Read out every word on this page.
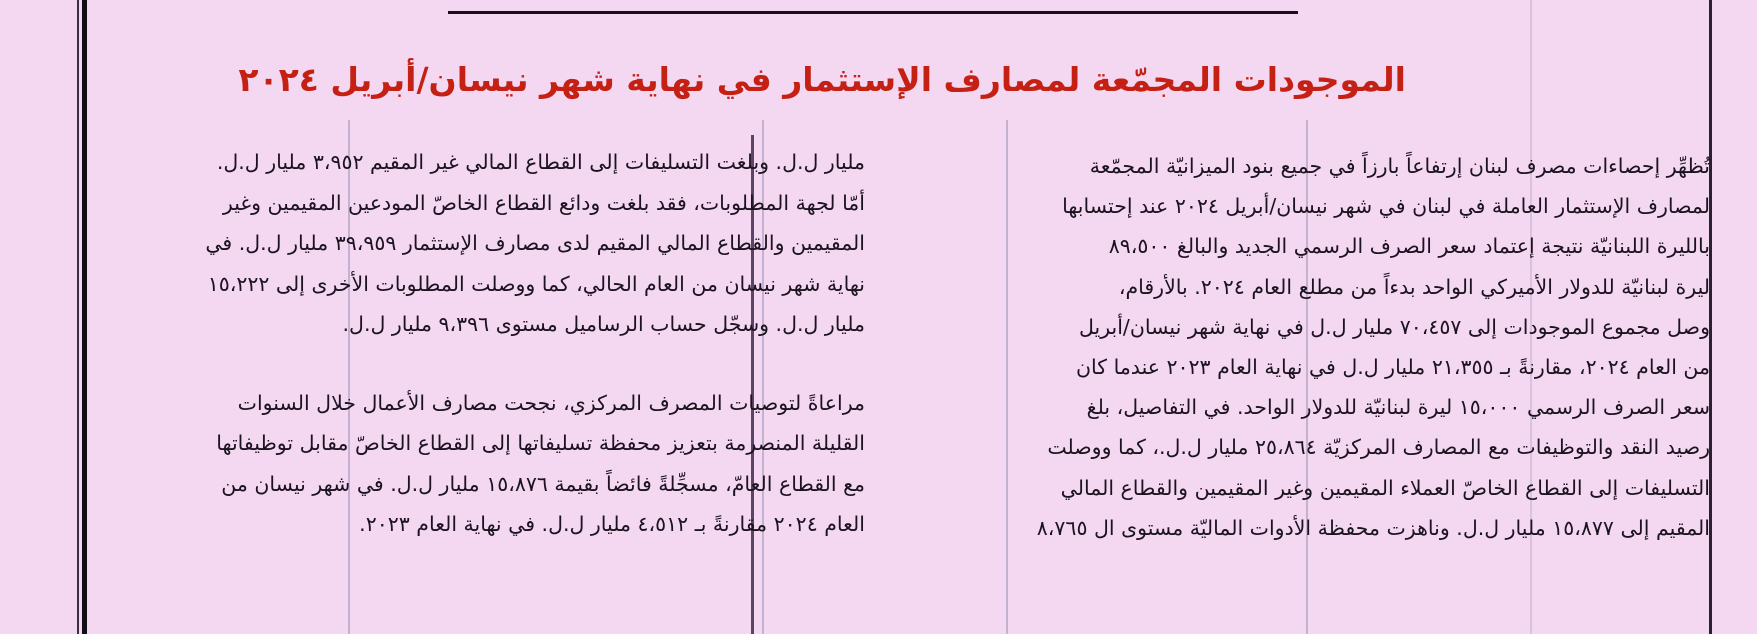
الموجودات المجمّعة لمصارف الإستثمار في نهاية شهر نيسان/أبريل ٢٠٢٤

تُظهِّر إحصاءات مصرف لبنان إرتفاعاً بارزاً في جميع بنود الميزانيّة المجمّعة

لمصارف الإستثمار العاملة في لبنان في شهر نيسان/أبريل ٢٠٢٤ عند إحتسابها

بالليرة اللبنانيّة نتيجة إعتماد سعر الصرف الرسمي الجديد والبالغ ٨٩،٥٠٠

ليرة لبنانيّة للدولار الأميركي الواحد بدءاً من مطلع العام ٢٠٢٤. بالأرقام،

وصل مجموع الموجودات إلى ٧٠،٤٥٧ مليار ل.ل في نهاية شهر نيسان/أبريل

من العام ٢٠٢٤، مقارنةً بـ ٢١،٣٥٥ مليار ل.ل في نهاية العام ٢٠٢٣ عندما كان

سعر الصرف الرسمي ١٥،٠٠٠ ليرة لبنانيّة للدولار الواحد. في التفاصيل، بلغ

رصيد النقد والتوظيفات مع المصارف المركزيّة ٢٥،٨٦٤ مليار ل.ل.، كما ووصلت

التسليفات إلى القطاع الخاصّ العملاء المقيمين وغير المقيمين والقطاع المالي

المقيم إلى ١٥،٨٧٧ مليار ل.ل. وناهزت محفظة الأدوات الماليّة مستوى ال ٨،٧٦٥

مليار ل.ل. وبلغت التسليفات إلى القطاع المالي غير المقيم ٣،٩٥٢ مليار ل.ل.

أمّا لجهة المطلوبات، فقد بلغت ودائع القطاع الخاصّ المودعين المقيمين وغير

المقيمين والقطاع المالي المقيم لدى مصارف الإستثمار ٣٩،٩٥٩ مليار ل.ل. في

نهاية شهر نيسان من العام الحالي، كما ووصلت المطلوبات الأخرى إلى ١٥،٢٢٢

مليار ل.ل. وسجّل حساب الرساميل مستوى ٩،٣٩٦ مليار ل.ل.

مراعاةً لتوصيات المصرف المركزي، نجحت مصارف الأعمال خلال السنوات

القليلة المنصرمة بتعزيز محفظة تسليفاتها إلى القطاع الخاصّ مقابل توظيفاتها

مع القطاع العامّ، مسجِّلةً فائضاً بقيمة ١٥،٨٧٦ مليار ل.ل. في شهر نيسان من

العام ٢٠٢٤ مقارنةً بـ ٤،٥١٢ مليار ل.ل. في نهاية العام ٢٠٢٣.
